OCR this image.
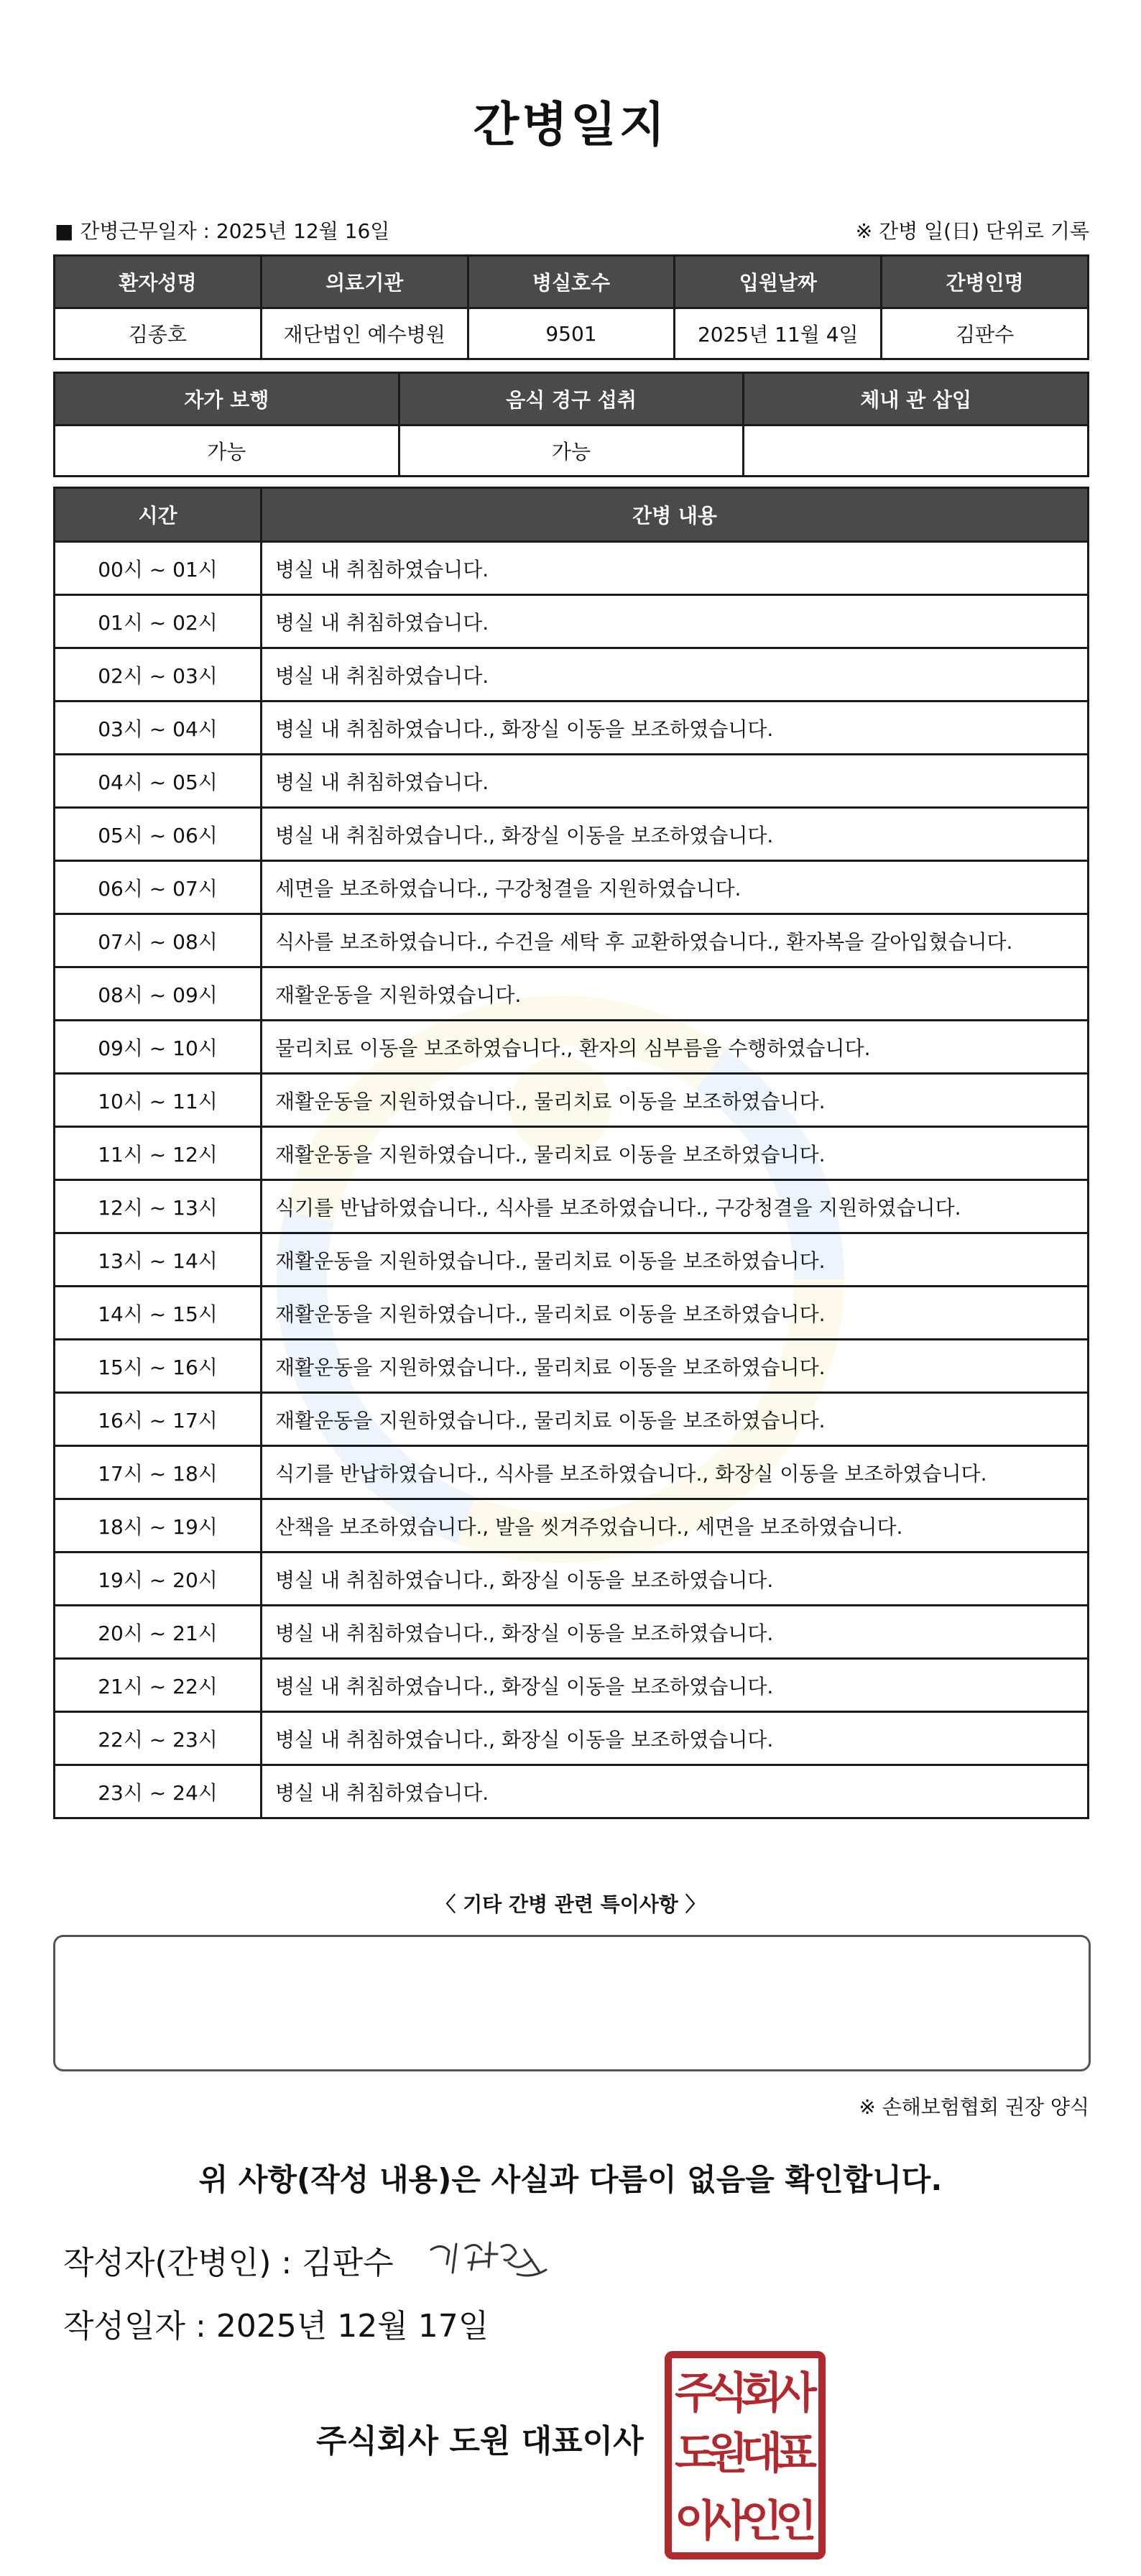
간병일지
■ 간병근무일자 : 2025년 12월 16일	※ 간병 일(日) 단위로 기록
환자성명	의료기관	병실호수	입원날짜	간병인명
김종호	재단법인 예수병원	9501	2025년 11월 4일	김판수
자가 보행	음식 경구 섭취	체내 관 삽입
가능	가능	
시간	간병 내용
00시 ~ 01시	병실 내 취침하였습니다.
01시 ~ 02시	병실 내 취침하였습니다.
02시 ~ 03시	병실 내 취침하였습니다.
03시 ~ 04시	병실 내 취침하였습니다., 화장실 이동을 보조하였습니다.
04시 ~ 05시	병실 내 취침하였습니다.
05시 ~ 06시	병실 내 취침하였습니다., 화장실 이동을 보조하였습니다.
06시 ~ 07시	세면을 보조하였습니다., 구강청결을 지원하였습니다.
07시 ~ 08시	식사를 보조하였습니다., 수건을 세탁 후 교환하였습니다., 환자복을 갈아입혔습니다.
08시 ~ 09시	재활운동을 지원하였습니다.
09시 ~ 10시	물리치료 이동을 보조하였습니다., 환자의 심부름을 수행하였습니다.
10시 ~ 11시	재활운동을 지원하였습니다., 물리치료 이동을 보조하였습니다.
11시 ~ 12시	재활운동을 지원하였습니다., 물리치료 이동을 보조하였습니다.
12시 ~ 13시	식기를 반납하였습니다., 식사를 보조하였습니다., 구강청결을 지원하였습니다.
13시 ~ 14시	재활운동을 지원하였습니다., 물리치료 이동을 보조하였습니다.
14시 ~ 15시	재활운동을 지원하였습니다., 물리치료 이동을 보조하였습니다.
15시 ~ 16시	재활운동을 지원하였습니다., 물리치료 이동을 보조하였습니다.
16시 ~ 17시	재활운동을 지원하였습니다., 물리치료 이동을 보조하였습니다.
17시 ~ 18시	식기를 반납하였습니다., 식사를 보조하였습니다., 화장실 이동을 보조하였습니다.
18시 ~ 19시	산책을 보조하였습니다., 발을 씻겨주었습니다., 세면을 보조하였습니다.
19시 ~ 20시	병실 내 취침하였습니다., 화장실 이동을 보조하였습니다.
20시 ~ 21시	병실 내 취침하였습니다., 화장실 이동을 보조하였습니다.
21시 ~ 22시	병실 내 취침하였습니다., 화장실 이동을 보조하였습니다.
22시 ~ 23시	병실 내 취침하였습니다., 화장실 이동을 보조하였습니다.
23시 ~ 24시	병실 내 취침하였습니다.
〈 기타 간병 관련 특이사항 〉
※ 손해보험협회 권장 양식
위 사항(작성 내용)은 사실과 다름이 없음을 확인합니다.
작성자(간병인) : 김판수
작성일자 : 2025년 12월 17일
주식회사 도원 대표이사
주
식
회
사
도
원
대
표
이
사
인
인
